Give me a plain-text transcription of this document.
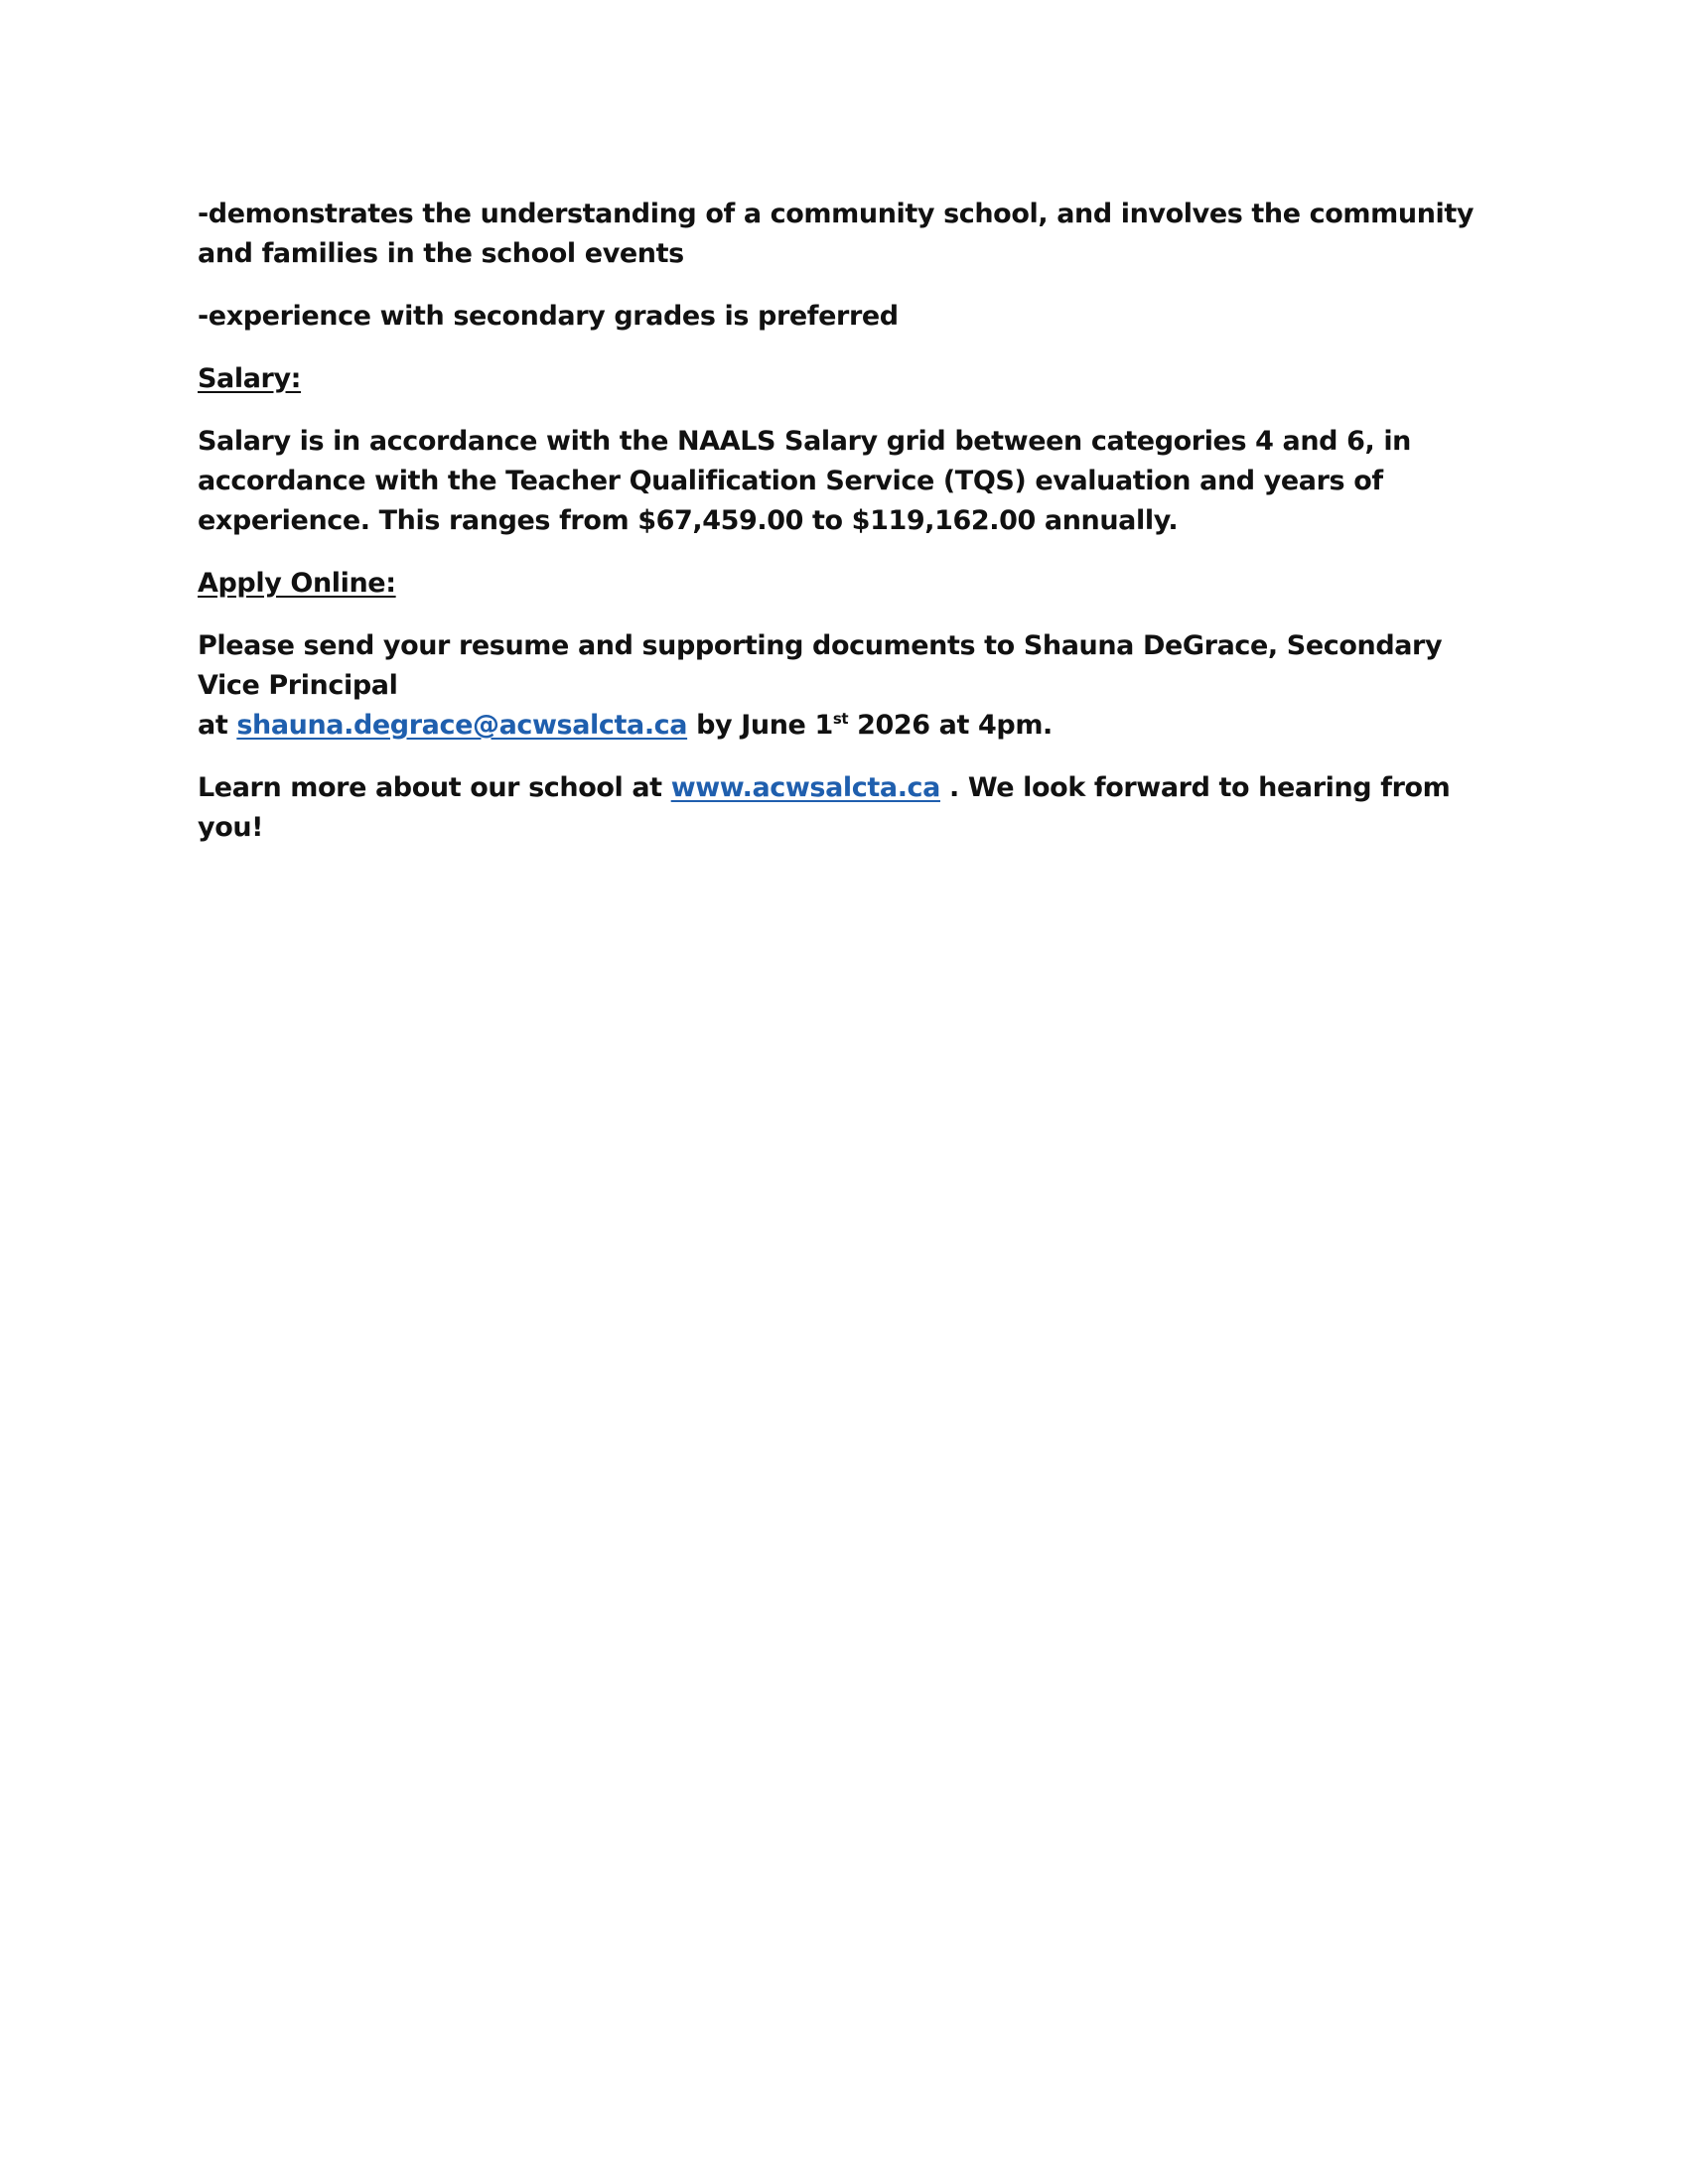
-demonstrates the understanding of a community school, and involves the community and families in the school events

-experience with secondary grades is preferred

Salary:

Salary is in accordance with the NAALS Salary grid between categories 4 and 6, in accordance with the Teacher Qualification Service (TQS) evaluation and years of experience. This ranges from $67,459.00 to $119,162.00 annually.

Apply Online:

Please send your resume and supporting documents to Shauna DeGrace, Secondary Vice Principal
at shauna.degrace@acwsalcta.ca by June 1st 2026 at 4pm.

Learn more about our school at www.acwsalcta.ca . We look forward to hearing from you!
